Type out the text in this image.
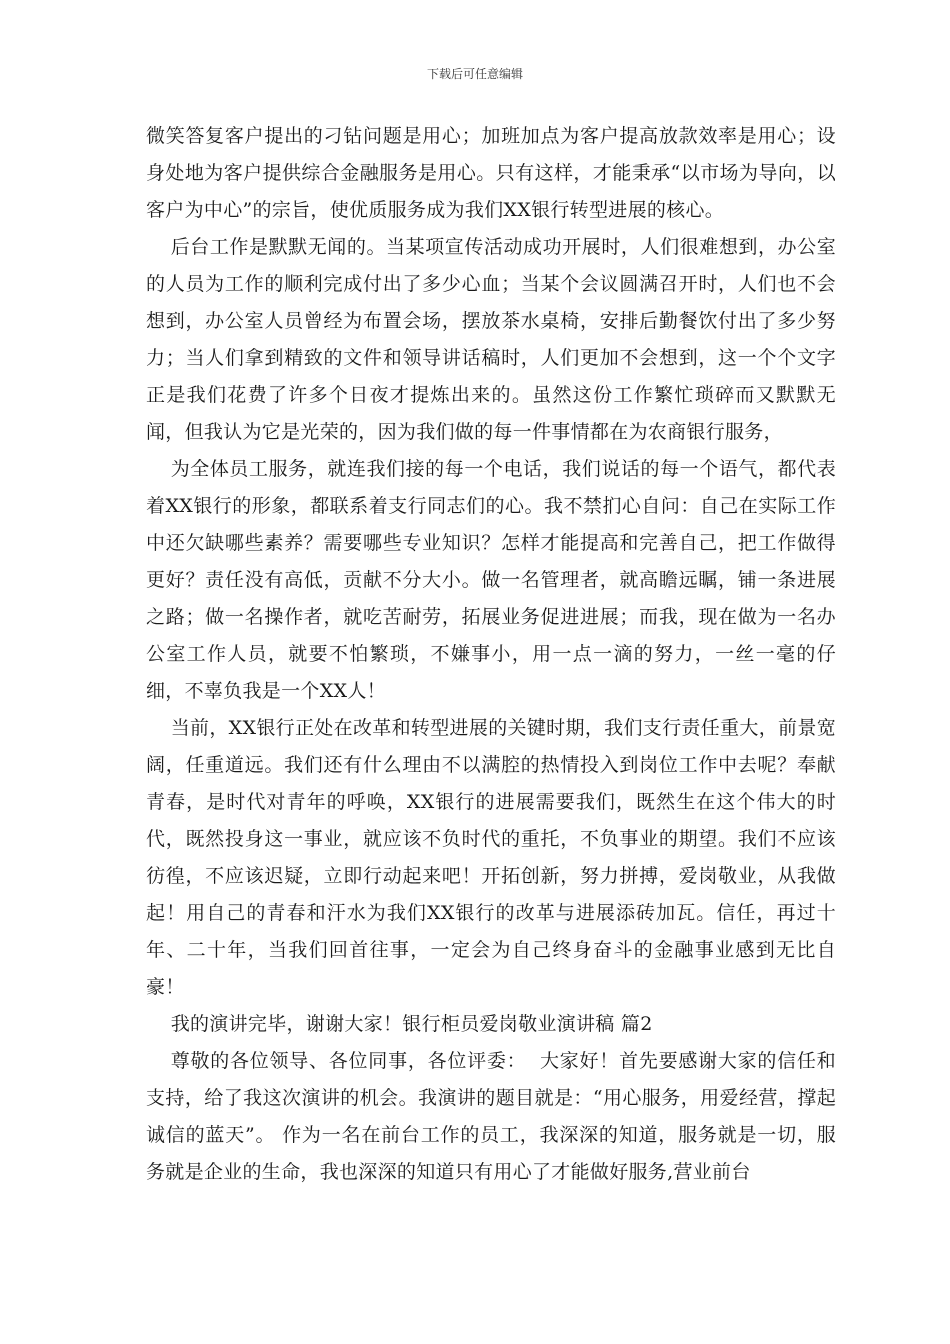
下载后可任意编辑

微笑答复客户提出的刁钻问题是用心；加班加点为客户提高放款效率是用心；设身处地为客户提供综合金融服务是用心。只有这样，才能秉承“以市场为导向，以客户为中心”的宗旨，使优质服务成为我们XX银行转型进展的核心。

后台工作是默默无闻的。当某项宣传活动成功开展时，人们很难想到，办公室的人员为工作的顺利完成付出了多少心血；当某个会议圆满召开时，人们也不会想到，办公室人员曾经为布置会场，摆放茶水桌椅，安排后勤餐饮付出了多少努力；当人们拿到精致的文件和领导讲话稿时，人们更加不会想到，这一个个文字正是我们花费了许多个日夜才提炼出来的。虽然这份工作繁忙琐碎而又默默无闻，但我认为它是光荣的，因为我们做的每一件事情都在为农商银行服务，

为全体员工服务，就连我们接的每一个电话，我们说话的每一个语气，都代表着XX银行的形象，都联系着支行同志们的心。我不禁扪心自问：自己在实际工作中还欠缺哪些素养？需要哪些专业知识？怎样才能提高和完善自己，把工作做得更好？责任没有高低，贡献不分大小。做一名管理者，就高瞻远瞩，铺一条进展之路；做一名操作者，就吃苦耐劳，拓展业务促进进展；而我，现在做为一名办公室工作人员，就要不怕繁琐，不嫌事小，用一点一滴的努力，一丝一毫的仔细，不辜负我是一个XX人！

当前，XX银行正处在改革和转型进展的关键时期，我们支行责任重大，前景宽阔，任重道远。我们还有什么理由不以满腔的热情投入到岗位工作中去呢？奉献青春，是时代对青年的呼唤，XX银行的进展需要我们，既然生在这个伟大的时代，既然投身这一事业，就应该不负时代的重托，不负事业的期望。我们不应该彷徨，不应该迟疑，立即行动起来吧！开拓创新，努力拼搏，爱岗敬业，从我做起！用自己的青春和汗水为我们XX银行的改革与进展添砖加瓦。信任，再过十年、二十年，当我们回首往事，一定会为自己终身奋斗的金融事业感到无比自豪！

我的演讲完毕，谢谢大家！银行柜员爱岗敬业演讲稿 篇2

尊敬的各位领导、各位同事，各位评委：  大家好！首先要感谢大家的信任和支持，给了我这次演讲的机会。我演讲的题目就是：“用心服务，用爱经营，撑起诚信的蓝天”。 作为一名在前台工作的员工，我深深的知道，服务就是一切，服务就是企业的生命，我也深深的知道只有用心了才能做好服务,营业前台
